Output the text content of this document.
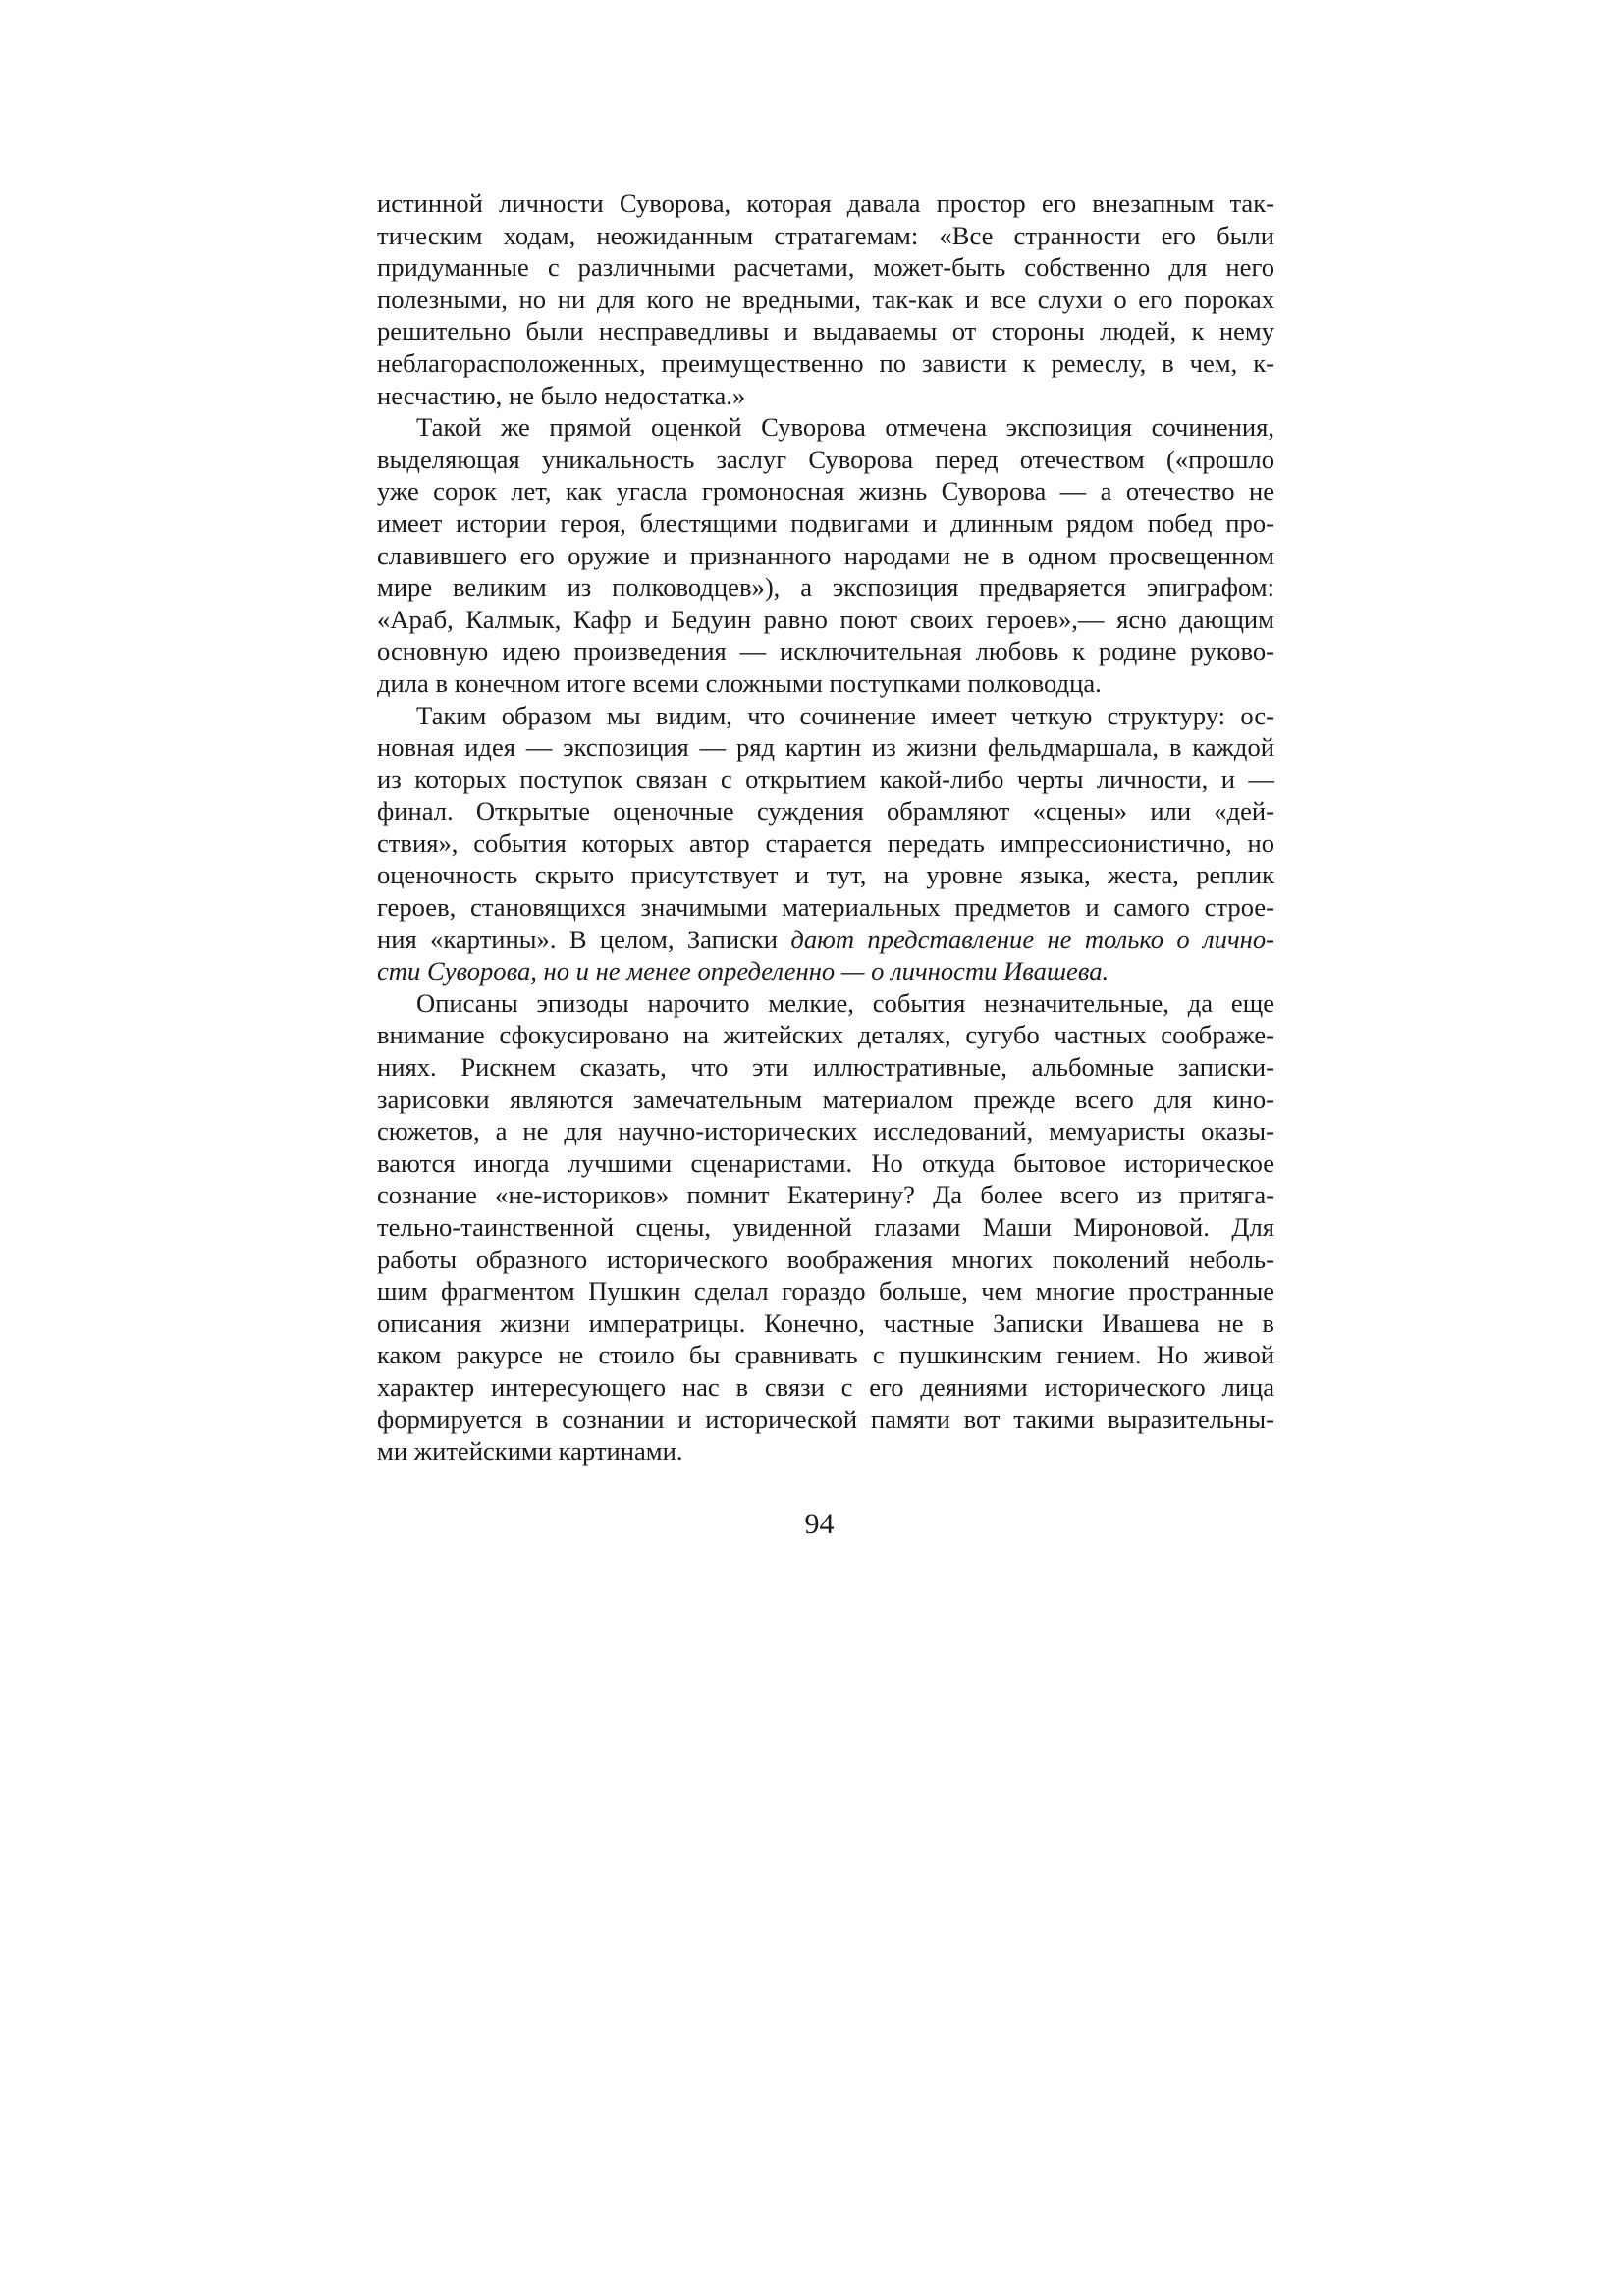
истинной личности Суворова, которая давала простор его внезапным так-
тическим ходам, неожиданным стратагемам: «Все странности его были
придуманные с различными расчетами, может-быть собственно для него
полезными, но ни для кого не вредными, так-как и все слухи о его пороках
решительно были несправедливы и выдаваемы от стороны людей, к нему
неблагорасположенных, преимущественно по зависти к ремеслу, в чем, к-
несчастию, не было недостатка.»
Такой же прямой оценкой Суворова отмечена экспозиция сочинения,
выделяющая уникальность заслуг Суворова перед отечеством («прошло
уже сорок лет, как угасла громоносная жизнь Суворова — а отечество не
имеет истории героя, блестящими подвигами и длинным рядом побед про-
славившего его оружие и признанного народами не в одном просвещенном
мире великим из полководцев»), а экспозиция предваряется эпиграфом:
«Араб, Калмык, Кафр и Бедуин равно поют своих героев»,— ясно дающим
основную идею произведения — исключительная любовь к родине руково-
дила в конечном итоге всеми сложными поступками полководца.
Таким образом мы видим, что сочинение имеет четкую структуру: ос-
новная идея — экспозиция — ряд картин из жизни фельдмаршала, в каждой
из которых поступок связан с открытием какой-либо черты личности, и —
финал. Открытые оценочные суждения обрамляют «сцены» или «дей-
ствия», события которых автор старается передать импрессионистично, но
оценочность скрыто присутствует и тут, на уровне языка, жеста, реплик
героев, становящихся значимыми материальных предметов и самого строе-
ния «картины». В целом, Записки дают представление не только о лично-
сти Суворова, но и не менее определенно — о личности Ивашева.
Описаны эпизоды нарочито мелкие, события незначительные, да еще
внимание сфокусировано на житейских деталях, сугубо частных соображе-
ниях. Рискнем сказать, что эти иллюстративные, альбомные записки-
зарисовки являются замечательным материалом прежде всего для кино-
сюжетов, а не для научно-исторических исследований, мемуаристы оказы-
ваются иногда лучшими сценаристами. Но откуда бытовое историческое
сознание «не-историков» помнит Екатерину? Да более всего из притяга-
тельно-таинственной сцены, увиденной глазами Маши Мироновой. Для
работы образного исторического воображения многих поколений неболь-
шим фрагментом Пушкин сделал гораздо больше, чем многие пространные
описания жизни императрицы. Конечно, частные Записки Ивашева не в
каком ракурсе не стоило бы сравнивать с пушкинским гением. Но живой
характер интересующего нас в связи с его деяниями исторического лица
формируется в сознании и исторической памяти вот такими выразительны-
ми житейскими картинами.
94
